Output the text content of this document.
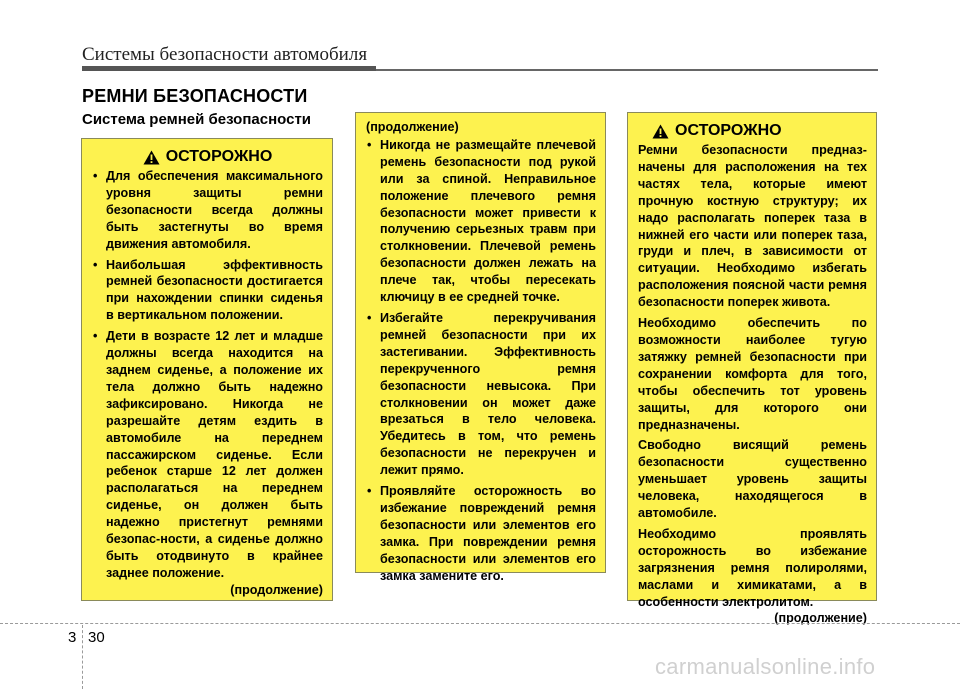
Системы безопасности автомобиля
РЕМНИ БЕЗОПАСНОСТИ
Система ремней безопасности
ОСТОРОЖНО
• Для обеспечения максимального уровня защиты ремни безопасности всегда должны быть застегнуты во время движения автомобиля.
• Наибольшая эффективность ремней безопасности достигается при нахождении спинки сиденья в вертикальном положении.
• Дети в возрасте 12 лет и младше должны всегда находится на заднем сиденье, а положение их тела должно быть надежно зафиксировано. Никогда не разрешайте детям ездить в автомобиле на переднем пассажирском сиденье. Если ребенок старше 12 лет должен располагаться на переднем сиденье, он должен быть надежно пристегнут ремнями безопас-ности, а сиденье должно быть отодвинуто в крайнее заднее положение.
(продолжение)
(продолжение)
• Никогда не размещайте плечевой ремень безопасности под рукой или за спиной. Неправильное положение плечевого ремня безопасности может привести к получению серьезных травм при столкновении. Плечевой ремень безопасности должен лежать на плече так, чтобы пересекать ключицу в ее средней точке.
• Избегайте перекручивания ремней безопасности при их застегивании. Эффективность перекрученного ремня безопасности невысока. При столкновении он может даже врезаться в тело человека. Убедитесь в том, что ремень безопасности не перекручен и лежит прямо.
• Проявляйте осторожность во избежание повреждений ремня безопасности или элементов его замка. При повреждении ремня безопасности или элементов его замка замените его.
ОСТОРОЖНО
Ремни безопасности предназ-начены для расположения на тех частях тела, которые имеют прочную костную структуру; их надо располагать поперек таза в нижней его части или поперек таза, груди и плеч, в зависимости от ситуации. Необходимо избегать расположения поясной части ремня безопасности поперек живота.
Необходимо обеспечить по возможности наиболее тугую затяжку ремней безопасности при сохранении комфорта для того, чтобы обеспечить тот уровень защиты, для которого они предназначены.
Свободно висящий ремень безопасности существенно уменьшает уровень защиты человека, находящегося в автомобиле.
Необходимо проявлять осторожность во избежание загрязнения ремня полиролями, маслами и химикатами, а в особенности электролитом.
(продолжение)
3 30
carmanualsonline.info
